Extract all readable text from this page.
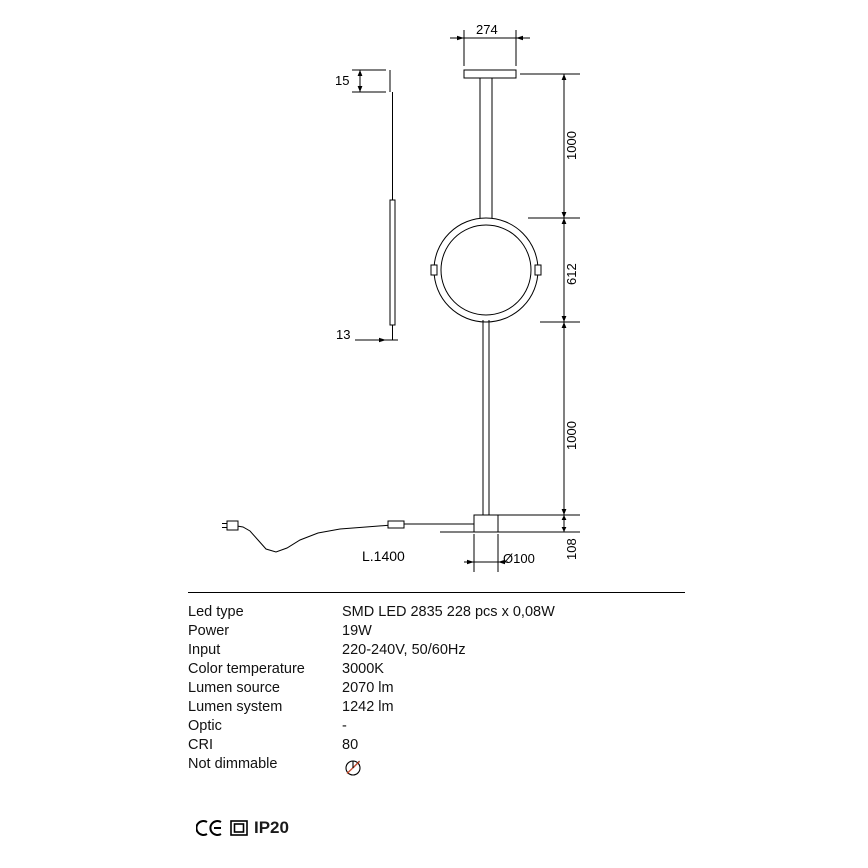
274
15
13
1000
612
1000
108
Ø100
L.1400
Led type	SMD LED 2835 228 pcs x 0,08W
Power	19W
Input	220-240V, 50/60Hz
Color temperature	3000K
Lumen source	2070 lm
Lumen system	1242 lm
Optic	-
CRI	80
Not dimmable	
IP20
